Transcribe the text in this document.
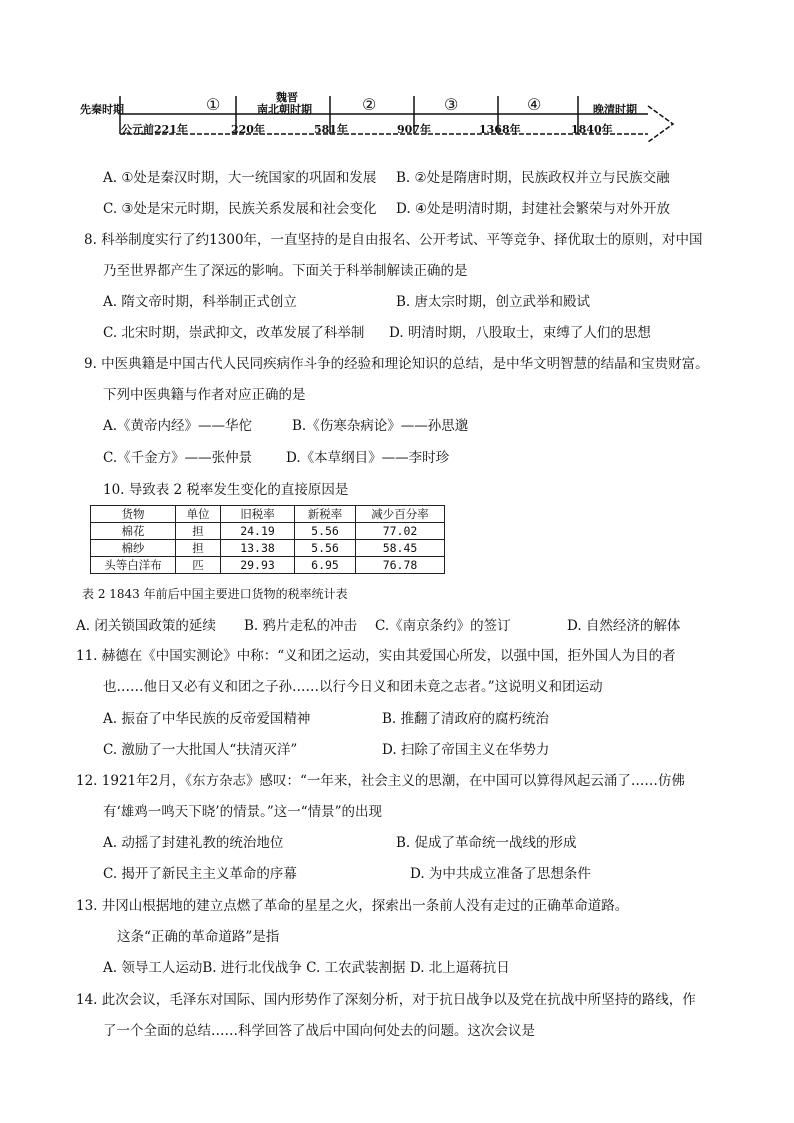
先秦时期	①	魏晋
南北朝时期	②	③	④	晚清时期
公元前221年	220年	581年	907年	1368年	1840年
A. ①处是秦汉时期，大一统国家的巩固和发展 B. ②处是隋唐时期，民族政权并立与民族交融
C. ③处是宋元时期，民族关系发展和社会变化 D. ④处是明清时期，封建社会繁荣与对外开放
8. 科举制度实行了约1300年，一直坚持的是自由报名、公开考试、平等竞争、择优取士的原则，对中国
乃至世界都产生了深远的影响。下面关于科举制解读正确的是
A. 隋文帝时期，科举制正式创立	B. 唐太宗时期，创立武举和殿试
C. 北宋时期，崇武抑文，改革发展了科举制 D. 明清时期，八股取士，束缚了人们的思想
9. 中医典籍是中国古代人民同疾病作斗争的经验和理论知识的总结，是中华文明智慧的结晶和宝贵财富。
下列中医典籍与作者对应正确的是
A.《黄帝内经》——华佗	B.《伤寒杂病论》——孙思邈
C.《千金方》——张仲景	D.《本草纲目》——李时珍
10. 导致表 2 税率发生变化的直接原因是
货物	单位	旧税率	新税率	减少百分率
棉花	担	24.19	5.56	77.02
棉纱	担	13.38	5.56	58.45
头等白洋布	匹	29.93	6.95	76.78
表 2 1843 年前后中国主要进口货物的税率统计表
A. 闭关锁国政策的延续 B. 鸦片走私的冲击 C.《南京条约》的签订	D. 自然经济的解体
11. 赫德在《中国实测论》中称：“义和团之运动，实由其爱国心所发，以强中国，拒外国人为目的者
也……他日又必有义和团之子孙……以行今日义和团未竟之志者。”这说明义和团运动
A. 振奋了中华民族的反帝爱国精神	B. 推翻了清政府的腐朽统治
C. 激励了一大批国人“扶清灭洋”	D. 扫除了帝国主义在华势力
12. 1921年2月，《东方杂志》感叹：“一年来，社会主义的思潮，在中国可以算得风起云涌了……仿佛
有‘雄鸡一鸣天下晓’的情景。”这一“情景”的出现
A. 动摇了封建礼教的统治地位	B. 促成了革命统一战线的形成
C. 揭开了新民主主义革命的序幕	D. 为中共成立准备了思想条件
13. 井冈山根据地的建立点燃了革命的星星之火，探索出一条前人没有走过的正确革命道路。
这条“正确的革命道路”是指
A. 领导工人运动B. 进行北伐战争 C. 工农武装割据 D. 北上逼蒋抗日
14. 此次会议，毛泽东对国际、国内形势作了深刻分析，对于抗日战争以及党在抗战中所坚持的路线，作
了一个全面的总结……科学回答了战后中国向何处去的问题。这次会议是
